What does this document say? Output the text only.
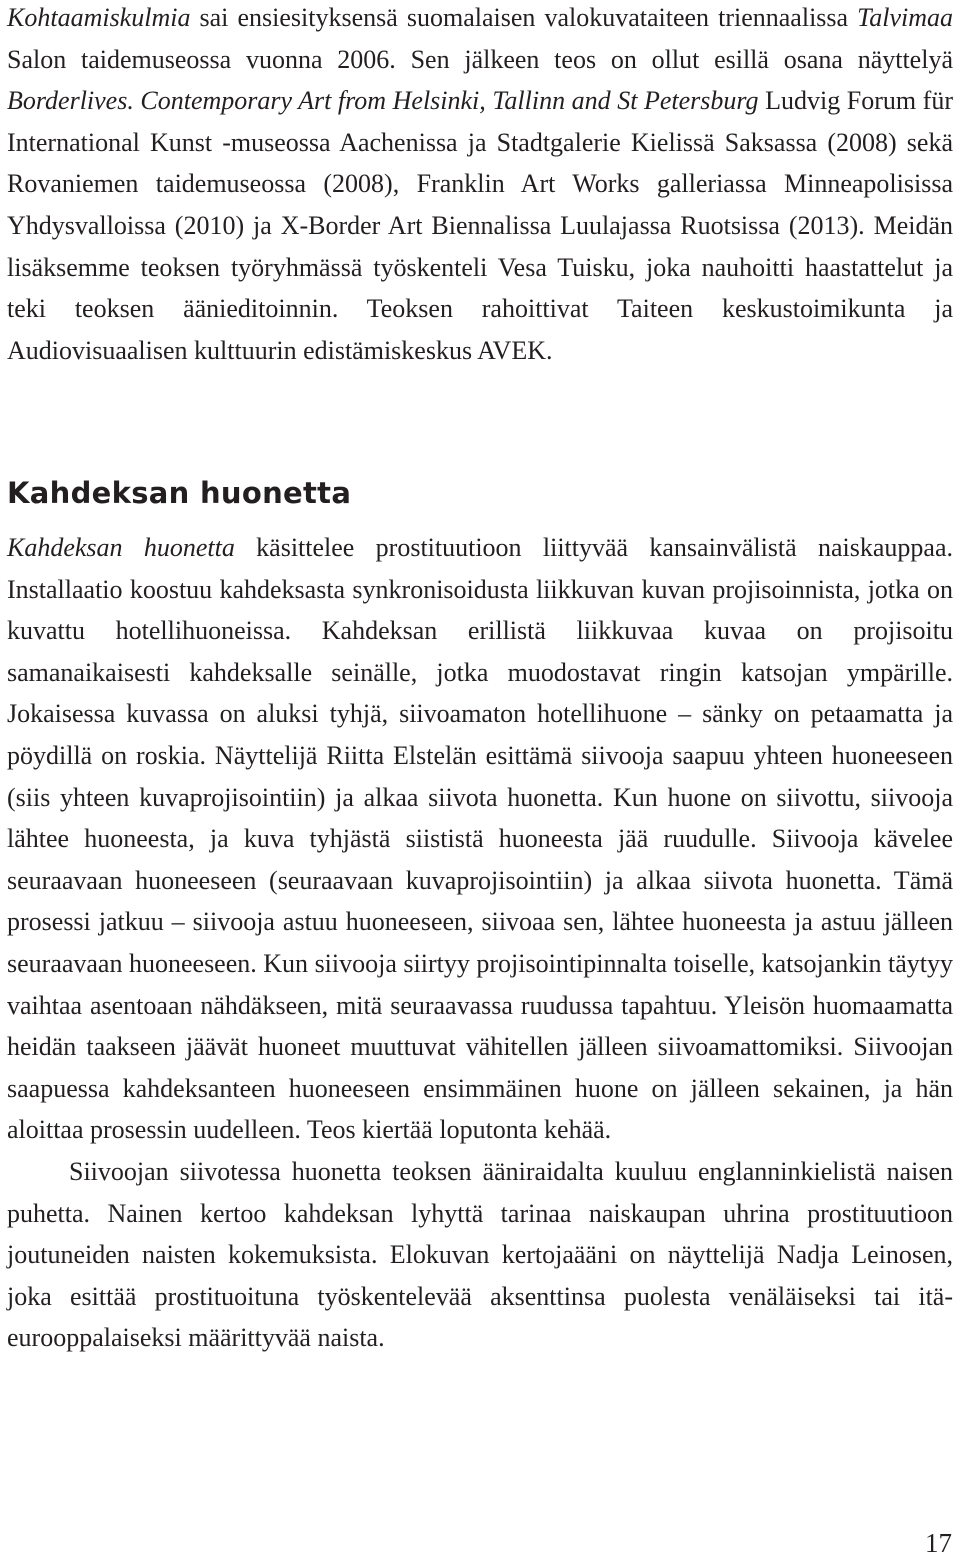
Kohtaamiskulmia sai ensiesityksensä suomalaisen valokuvataiteen triennaalissa Talvimaa Salon taidemuseossa vuonna 2006. Sen jälkeen teos on ollut esillä osana näyttelyä Borderlives. Contemporary Art from Helsinki, Tallinn and St Petersburg Ludvig Forum für International Kunst -museossa Aachenissa ja Stadtgalerie Kielissä Saksassa (2008) sekä Rovaniemen taidemuseossa (2008), Franklin Art Works galleriassa Minneapolisissa Yhdysvalloissa (2010) ja X-Border Art Biennalissa Luulajassa Ruotsissa (2013). Meidän lisäksemme teoksen työryhmässä työskenteli Vesa Tuisku, joka nauhoitti haastattelut ja teki teoksen äänieditoinnin. Teoksen rahoittivat Taiteen keskustoimikunta ja Audiovisuaalisen kulttuurin edistämiskeskus AVEK.

Kahdeksan huonetta

Kahdeksan huonetta käsittelee prostituutioon liittyvää kansainvälistä naiskauppaa. Installaatio koostuu kahdeksasta synkronisoidusta liikkuvan kuvan projisoinnista, jotka on kuvattu hotellihuoneissa. Kahdeksan erillistä liikkuvaa kuvaa on projisoitu samanaikaisesti kahdeksalle seinälle, jotka muodostavat ringin katsojan ympärille. Jokaisessa kuvassa on aluksi tyhjä, siivoamaton hotellihuone – sänky on petaamatta ja pöydillä on roskia. Näyttelijä Riitta Elstelän esittämä siivooja saapuu yhteen huoneeseen (siis yhteen kuvaprojisointiin) ja alkaa siivota huonetta. Kun huone on siivottu, siivooja lähtee huoneesta, ja kuva tyhjästä siististä huoneesta jää ruudulle. Siivooja kävelee seuraavaan huoneeseen (seuraavaan kuvaprojisointiin) ja alkaa siivota huonetta. Tämä prosessi jatkuu – siivooja astuu huoneeseen, siivoaa sen, lähtee huoneesta ja astuu jälleen seuraavaan huoneeseen. Kun siivooja siirtyy projisointipinnalta toiselle, katsojankin täytyy vaihtaa asentoaan nähdäkseen, mitä seuraavassa ruudussa tapahtuu. Yleisön huomaamatta heidän taakseen jäävät huoneet muuttuvat vähitellen jälleen siivoamattomiksi. Siivoojan saapuessa kahdeksanteen huoneeseen ensimmäinen huone on jälleen sekainen, ja hän aloittaa prosessin uudelleen. Teos kiertää loputonta kehää.

Siivoojan siivotessa huonetta teoksen ääniraidalta kuuluu englanninkielistä naisen puhetta. Nainen kertoo kahdeksan lyhyttä tarinaa naiskaupan uhrina prostituutioon joutuneiden naisten kokemuksista. Elokuvan kertojaääni on näyttelijä Nadja Leinosen, joka esittää prostituoituna työskentelevää aksenttinsa puolesta venäläiseksi tai itä-eurooppalaiseksi määrittyvää naista.

17
